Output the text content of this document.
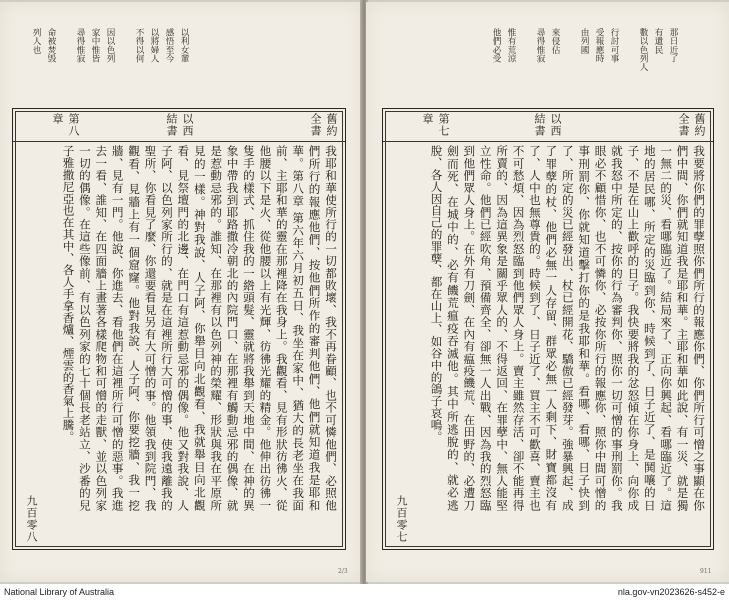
以利女輩
感悟至今
以將婦人
不得以何
因以色列
家中惟皆
尋得惟寂
命被焚毁
列人也
舊約全書
以西結書
第八章
我耶和華使所行的一切都敗壞、我不再眷顧、也不可憐他們、必照他們所行的報應他們、按他們所作的審判他們、他們就知道我是耶和華。第八章 第六年六月初五日、我坐在家中、猶大的長老坐在我面前、主耶和華的靈在那裡降在我身上。我觀看、見有形狀彷彿火、從他腰以下是火、從他腰以上有光輝、彷彿光耀的精金。他伸出彷彿一隻手的樣式、抓住我的一綹頭髮、靈就將我舉到天地中間、在神的異象中帶我到耶路撒冷朝北的內院門口、在那裡有觸動忌邪的偶像、就是惹動忌邪的。誰知、在那裡有以色列神的榮耀、形狀與我在平原所見的一樣。神對我說、人子阿、你舉目向北觀看、我就舉目向北觀看、見祭壇門的北邊、在門口有這惹動忌邪的偶像。他又對我說、人子阿、以色列家所行的、就是在這裡所行大可憎的事、使我遠離我的聖所、你看見了麼、你還要看見另有大可憎的事。他領我到院門、我觀看、見牆上有一個窟窿。他對我說、人子阿、你要挖牆、我一挖牆、見有一門。他說、你進去、看他們在這裡所行可憎的惡事。我進去一看、誰知、在四面牆上畫著各樣爬物和可憎的走獸、並以色列家一切的偶像。在這些像前、有以色列家的七十個長老站立、沙番的兒子雅撒尼亞也在其中、各人手拿香爐、煙雲的香氣上騰。
九百零八
那日近了
有遺民
數以色列人
行討可事
受報應時
由列國
來侵佔
尋得惟寂
惟有荒涼
他們必受
舊約全書
以西結書
第七章
我要將你們的罪孽照你們所行的報應你們、你們所行可憎之事顯在你們中間、你們就知道我是耶和華。主耶和華如此說、有一災、就是獨一無二的災、看哪臨近了。結局來了、正向你興起、看哪臨近了。這地的居民哪、所定的災臨到你、時候到了、日子近了、是鬨嚷的日子、不是在山上歡呼的日子。我快要將我的忿怒傾在你身上、向你成就我怒中所定的、按你的行為審判你、照你一切可憎的事刑罰你。我眼必不顧惜你、也不可憐你、必按你所行的報應你、照你中間可憎的事刑罰你、你就知道擊打你的是我耶和華。看哪、看哪、日子快到了、所定的災已經發出、杖已經開花、驕傲已經發芽。強暴興起、成了罪孽的杖、他們必無一人存留、群眾必無一人剩下、財寶都沒有了、人中也無尊貴的。時候到了、日子近了、買主不可歡喜、賣主也不可愁煩、因為烈怒臨到他們眾人身上。賣主雖然存活、卻不能再得所賣的、因為這異象是關乎眾人的、不得返回、在罪孽中、無人能堅立性命。他們已經吹角、預備齊全、卻無一人出戰、因為我的烈怒臨到他們眾人身上。在外有刀劍、在內有瘟疫饑荒、在田野的、必遭刀劍而死、在城中的、必有饑荒瘟疫吞滅他。其中所逃脫的、就必逃脫、各人因自己的罪孽、都在山上、如谷中的鴿子哀鳴。
九百零七
2/3	911
National Library of Australia	nla.gov-vn2023626-s452-e
